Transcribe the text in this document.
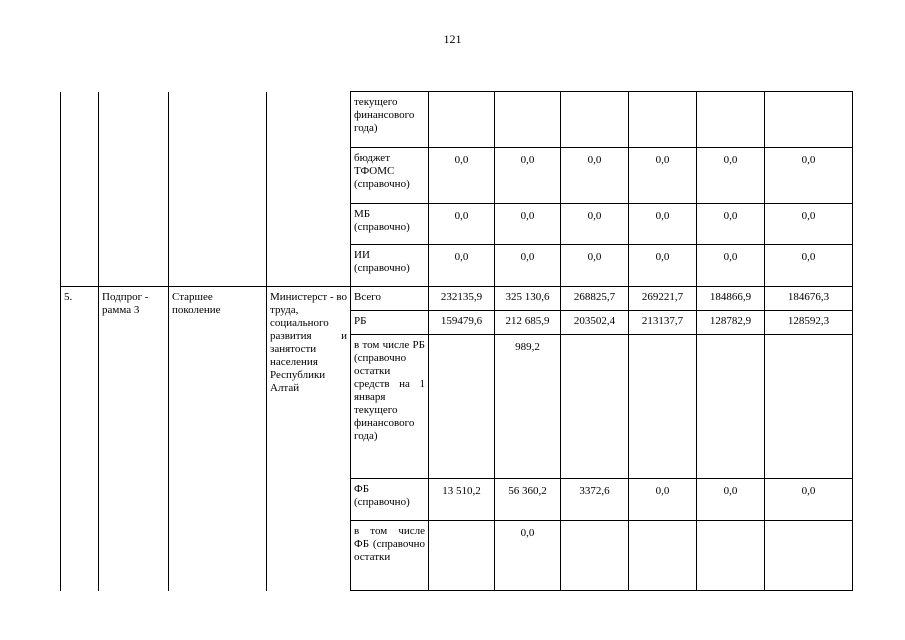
121
				текущего финансового года)						
				бюджет ТФОМС (справочно)	0,0	0,0	0,0	0,0	0,0	0,0
				МБ (справочно)	0,0	0,0	0,0	0,0	0,0	0,0
				ИИ (справочно)	0,0	0,0	0,0	0,0	0,0	0,0
5.	Подпрог - рамма 3	Старшее поколение	Министерст - во труда, социального развития и занятости населения Республики Алтай	Всего	232135,9	325 130,6	268825,7	269221,7	184866,9	184676,3
				РБ	159479,6	212 685,9	203502,4	213137,7	128782,9	128592,3
				в том числе РБ (справочно остатки средств на 1 января текущего финансового года)		989,2				
				ФБ (справочно)	13 510,2	56 360,2	3372,6	0,0	0,0	0,0
				в том числе ФБ (справочно остатки		0,0				
